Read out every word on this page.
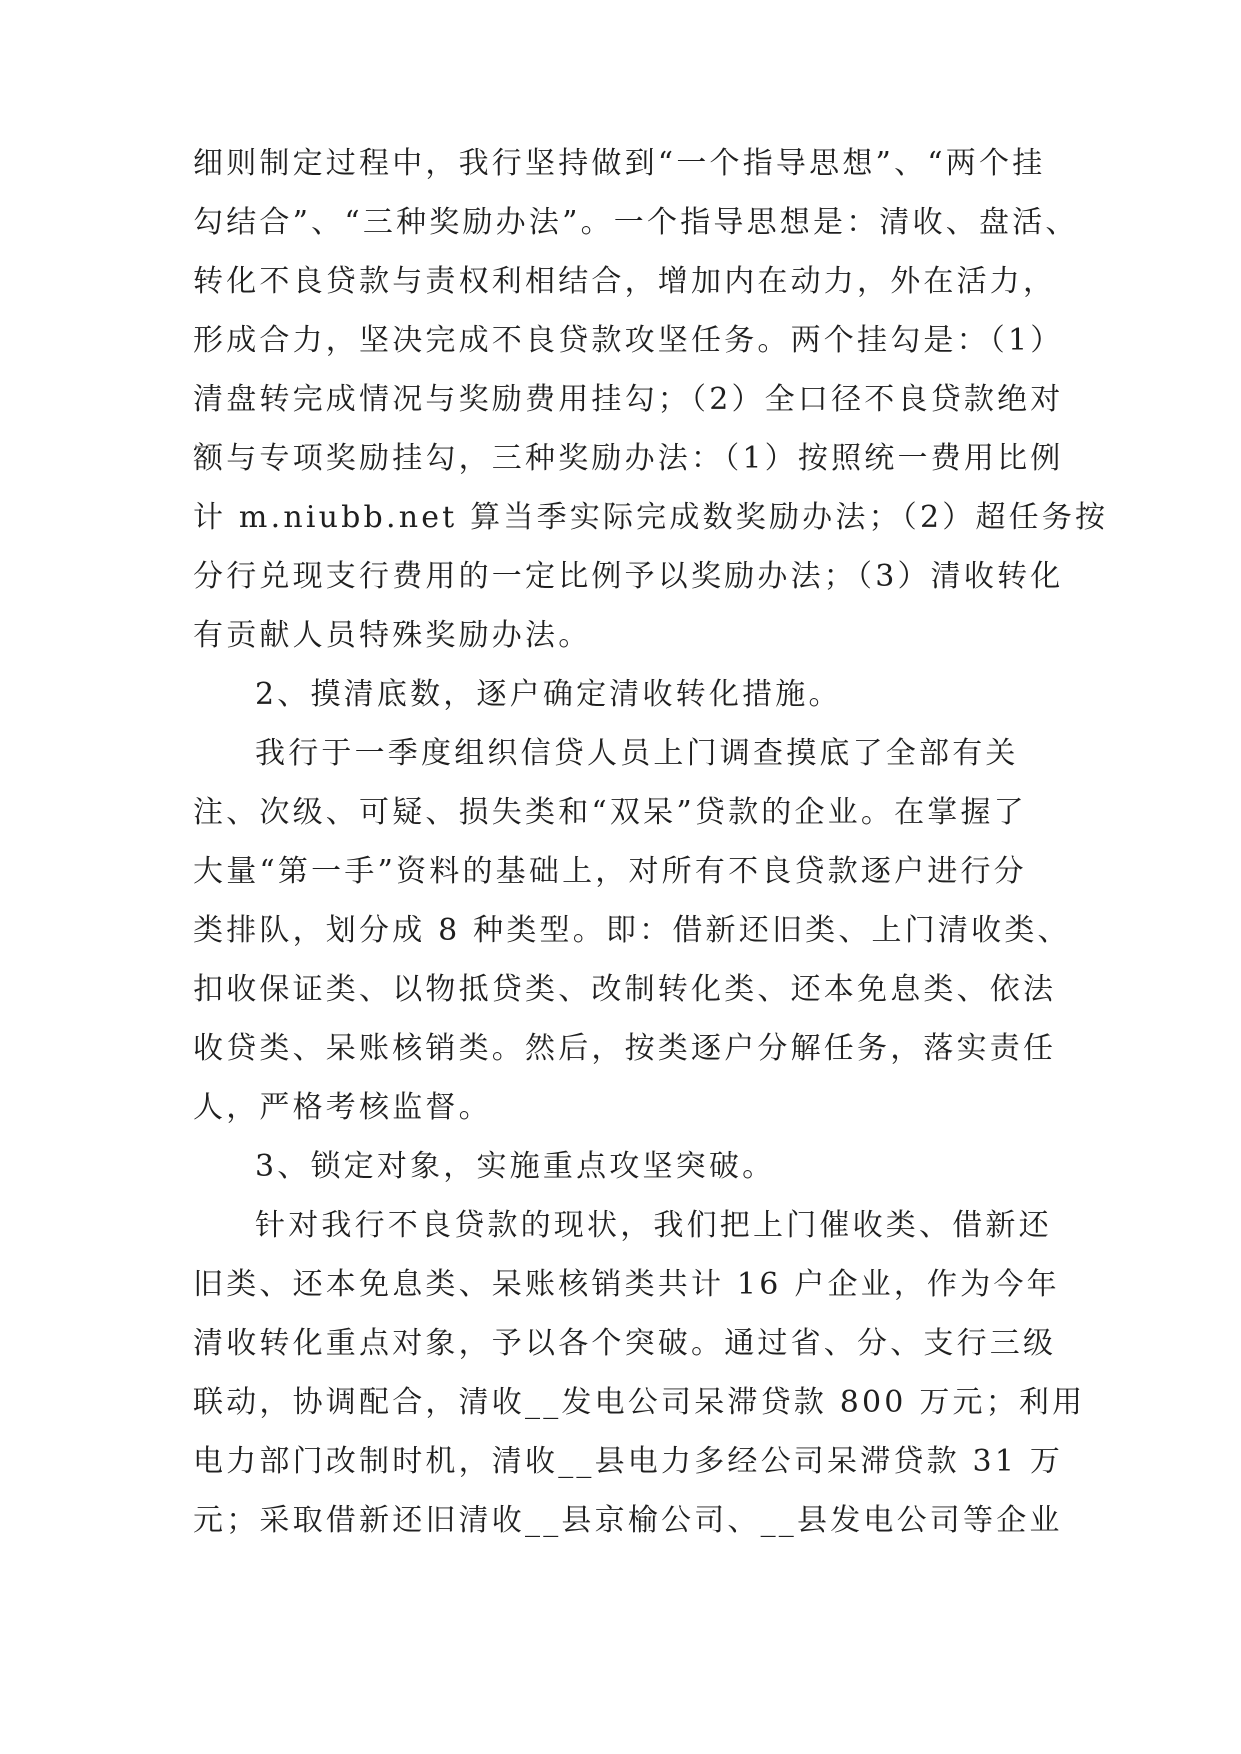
细则制定过程中，我行坚持做到“一个指导思想”、“两个挂
勾结合”、“三种奖励办法”。一个指导思想是：清收、盘活、
转化不良贷款与责权利相结合，增加内在动力，外在活力，
形成合力，坚决完成不良贷款攻坚任务。两个挂勾是：（1）
清盘转完成情况与奖励费用挂勾；（2）全口径不良贷款绝对
额与专项奖励挂勾，三种奖励办法：（1）按照统一费用比例
计 m.niubb.net 算当季实际完成数奖励办法；（2）超任务按
分行兑现支行费用的一定比例予以奖励办法；（3）清收转化
有贡献人员特殊奖励办法。
2、摸清底数，逐户确定清收转化措施。
我行于一季度组织信贷人员上门调查摸底了全部有关
注、次级、可疑、损失类和“双呆”贷款的企业。在掌握了
大量“第一手”资料的基础上，对所有不良贷款逐户进行分
类排队，划分成 8 种类型。即：借新还旧类、上门清收类、
扣收保证类、以物抵贷类、改制转化类、还本免息类、依法
收贷类、呆账核销类。然后，按类逐户分解任务，落实责任
人，严格考核监督。
3、锁定对象，实施重点攻坚突破。
针对我行不良贷款的现状，我们把上门催收类、借新还
旧类、还本免息类、呆账核销类共计 16 户企业，作为今年
清收转化重点对象，予以各个突破。通过省、分、支行三级
联动，协调配合，清收__发电公司呆滞贷款 800 万元；利用
电力部门改制时机，清收__县电力多经公司呆滞贷款 31 万
元；采取借新还旧清收__县京榆公司、__县发电公司等企业
